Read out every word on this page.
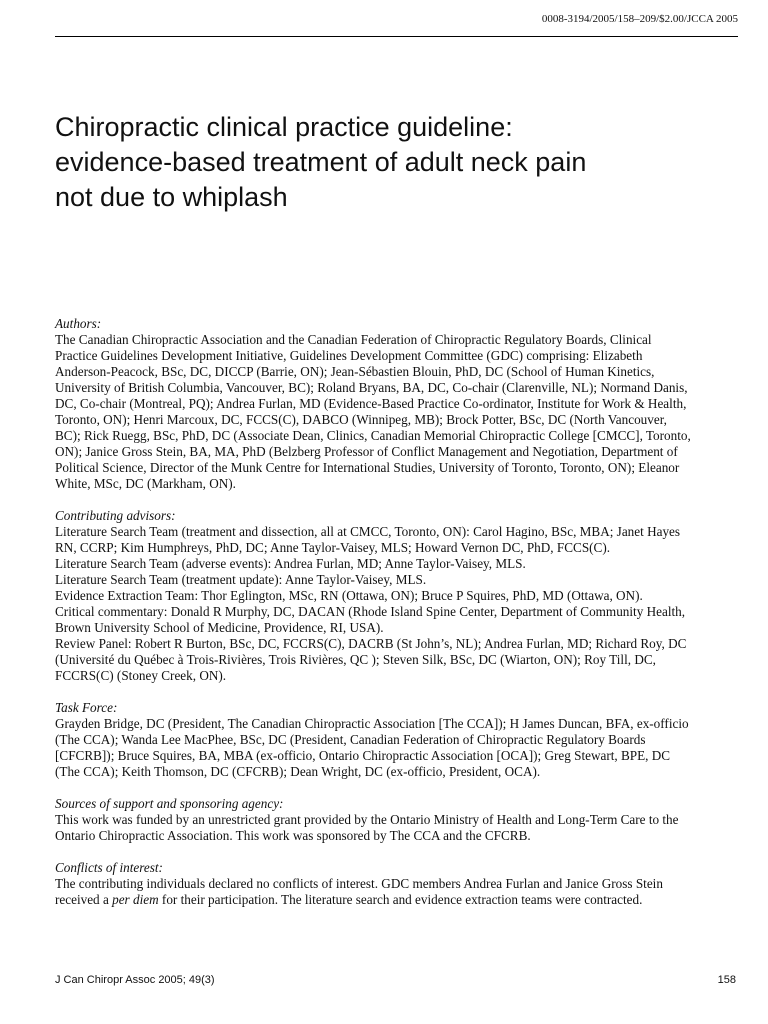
0008-3194/2005/158–209/$2.00/JCCA 2005
Chiropractic clinical practice guideline:
evidence-based treatment of adult neck pain
not due to whiplash
Authors:
The Canadian Chiropractic Association and the Canadian Federation of Chiropractic Regulatory Boards, Clinical
Practice Guidelines Development Initiative, Guidelines Development Committee (GDC) comprising: Elizabeth
Anderson-Peacock, BSc, DC, DICCP (Barrie, ON); Jean-Sébastien Blouin, PhD, DC (School of Human Kinetics,
University of British Columbia, Vancouver, BC); Roland Bryans, BA, DC, Co-chair (Clarenville, NL); Normand Danis,
DC, Co-chair (Montreal, PQ); Andrea Furlan, MD (Evidence-Based Practice Co-ordinator, Institute for Work & Health,
Toronto, ON); Henri Marcoux, DC, FCCS(C), DABCO (Winnipeg, MB); Brock Potter, BSc, DC (North Vancouver,
BC); Rick Ruegg, BSc, PhD, DC (Associate Dean, Clinics, Canadian Memorial Chiropractic College [CMCC], Toronto,
ON); Janice Gross Stein, BA, MA, PhD (Belzberg Professor of Conflict Management and Negotiation, Department of
Political Science, Director of the Munk Centre for International Studies, University of Toronto, Toronto, ON); Eleanor
White, MSc, DC (Markham, ON).
Contributing advisors:
Literature Search Team (treatment and dissection, all at CMCC, Toronto, ON): Carol Hagino, BSc, MBA; Janet Hayes
RN, CCRP; Kim Humphreys, PhD, DC; Anne Taylor-Vaisey, MLS; Howard Vernon DC, PhD, FCCS(C).
Literature Search Team (adverse events): Andrea Furlan, MD; Anne Taylor-Vaisey, MLS.
Literature Search Team (treatment update): Anne Taylor-Vaisey, MLS.
Evidence Extraction Team: Thor Eglington, MSc, RN (Ottawa, ON); Bruce P Squires, PhD, MD (Ottawa, ON).
Critical commentary: Donald R Murphy, DC, DACAN (Rhode Island Spine Center, Department of Community Health,
Brown University School of Medicine, Providence, RI, USA).
Review Panel: Robert R Burton, BSc, DC, FCCRS(C), DACRB (St John’s, NL); Andrea Furlan, MD; Richard Roy, DC
(Université du Québec à Trois-Rivières, Trois Rivières, QC ); Steven Silk, BSc, DC (Wiarton, ON); Roy Till, DC,
FCCRS(C) (Stoney Creek, ON).
Task Force:
Grayden Bridge, DC (President, The Canadian Chiropractic Association [The CCA]); H James Duncan, BFA, ex-officio
(The CCA); Wanda Lee MacPhee, BSc, DC (President, Canadian Federation of Chiropractic Regulatory Boards
[CFCRB]); Bruce Squires, BA, MBA (ex-officio, Ontario Chiropractic Association [OCA]); Greg Stewart, BPE, DC
(The CCA); Keith Thomson, DC (CFCRB); Dean Wright, DC (ex-officio, President, OCA).
Sources of support and sponsoring agency:
This work was funded by an unrestricted grant provided by the Ontario Ministry of Health and Long-Term Care to the
Ontario Chiropractic Association. This work was sponsored by The CCA and the CFCRB.
Conflicts of interest:
The contributing individuals declared no conflicts of interest. GDC members Andrea Furlan and Janice Gross Stein
received a per diem for their participation. The literature search and evidence extraction teams were contracted.
J Can Chiropr Assoc 2005; 49(3)	158
